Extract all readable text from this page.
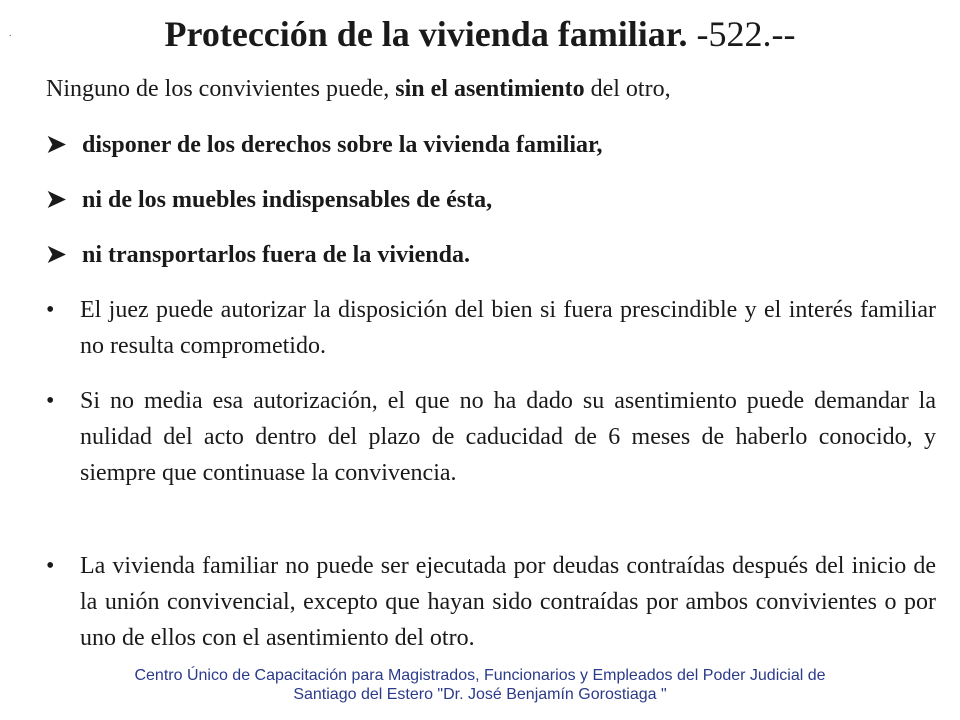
.	Protección de la vivienda familiar. -522.--
Ninguno de los convivientes puede, sin el asentimiento del otro,
➤ disponer de los derechos sobre la vivienda familiar,
➤ ni de los muebles indispensables de ésta,
➤ ni transportarlos fuera de la vivienda.
• El juez puede autorizar la disposición del bien si fuera prescindible y el interés familiar no resulta comprometido.
• Si no media esa autorización, el que no ha dado su asentimiento puede demandar la nulidad del acto dentro del plazo de caducidad de 6 meses de haberlo conocido, y siempre que continuase la convivencia.
• La vivienda familiar no puede ser ejecutada por deudas contraídas después del inicio de la unión convivencial, excepto que hayan sido contraídas por ambos convivientes o por uno de ellos con el asentimiento del otro.
Centro Único de Capacitación para Magistrados, Funcionarios y Empleados del Poder Judicial de
Santiago del Estero "Dr. José Benjamín Gorostiaga "
